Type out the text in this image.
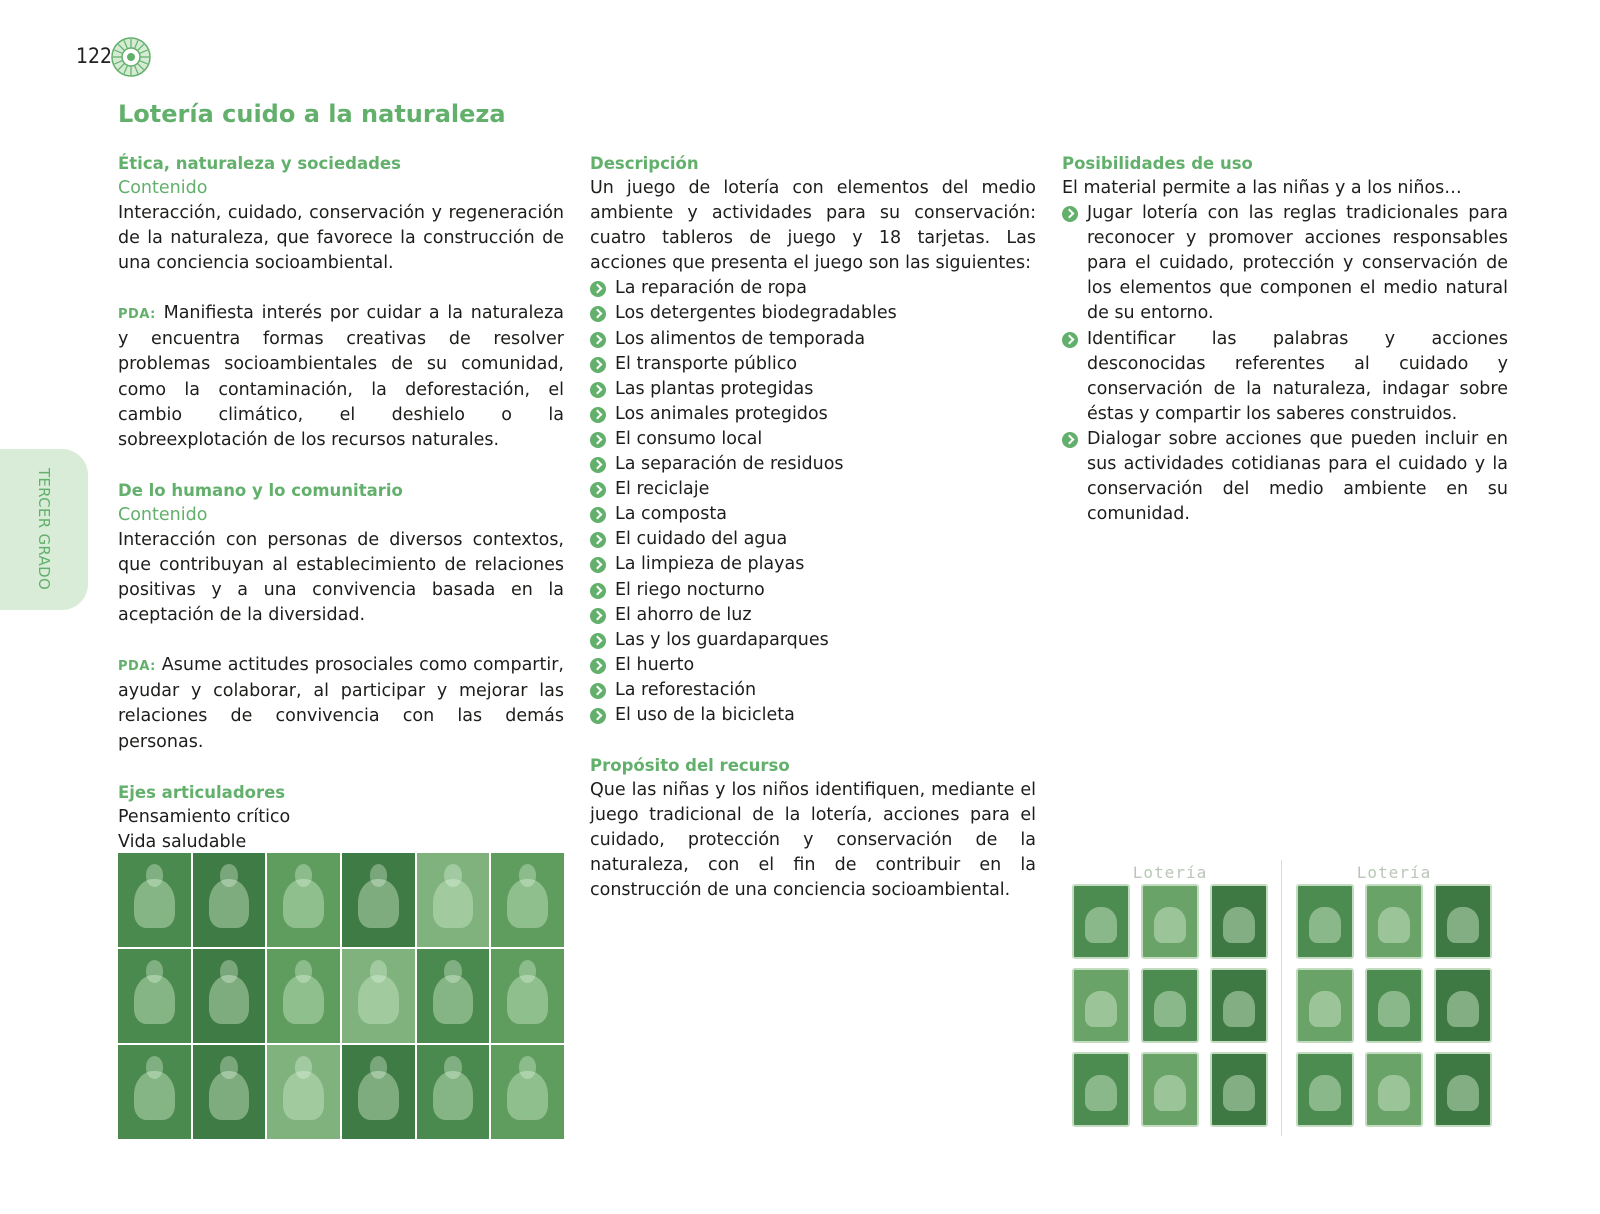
122
TERCER GRADO
Lotería cuido a la naturaleza
Ética, naturaleza y sociedades
Contenido

Interacción, cuidado, conservación y regeneración de la naturaleza, que favorece la construcción de una conciencia socioambiental.

PDA: Manifiesta interés por cuidar a la naturaleza y encuentra formas creativas de resolver problemas socioambientales de su comunidad, como la contaminación, la deforestación, el cambio climático, el deshielo o la sobreexplotación de los recursos naturales.

De lo humano y lo comunitario
Contenido

Interacción con personas de diversos contextos, que contribuyan al establecimiento de relaciones positivas y a una convivencia basada en la aceptación de la diversidad.

PDA: Asume actitudes prosociales como compartir, ayudar y colaborar, al participar y mejorar las relaciones de convivencia con las demás personas.

Ejes articuladores
Pensamiento crítico
Vida saludable
Descripción

Un juego de lotería con elementos del medio ambiente y actividades para su conservación: cuatro tableros de juego y 18 tarjetas. Las acciones que presenta el juego son las siguientes:

La reparación de ropa
Los detergentes biodegradables
Los alimentos de temporada
El transporte público
Las plantas protegidas
Los animales protegidos
El consumo local
La separación de residuos
El reciclaje
La composta
El cuidado del agua
La limpieza de playas
El riego nocturno
El ahorro de luz
Las y los guardaparques
El huerto
La reforestación
El uso de la bicicleta
Propósito del recurso

Que las niñas y los niños identifiquen, mediante el juego tradicional de la lotería, acciones para el cuidado, protección y conservación de la naturaleza, con el fin de contribuir en la construcción de una conciencia socioambiental.

Posibilidades de uso

El material permite a las niñas y a los niños…

Jugar lotería con las reglas tradicionales para reconocer y promover acciones responsables para el cuidado, protección y conservación de los elementos que componen el medio natural de su entorno.
Identificar las palabras y acciones desconocidas referentes al cuidado y conservación de la naturaleza, indagar sobre éstas y compartir los saberes construidos.
Dialogar sobre acciones que pueden incluir en sus actividades cotidianas para el cuidado y la conservación del medio ambiente en su comunidad.
Lotería	Lotería
